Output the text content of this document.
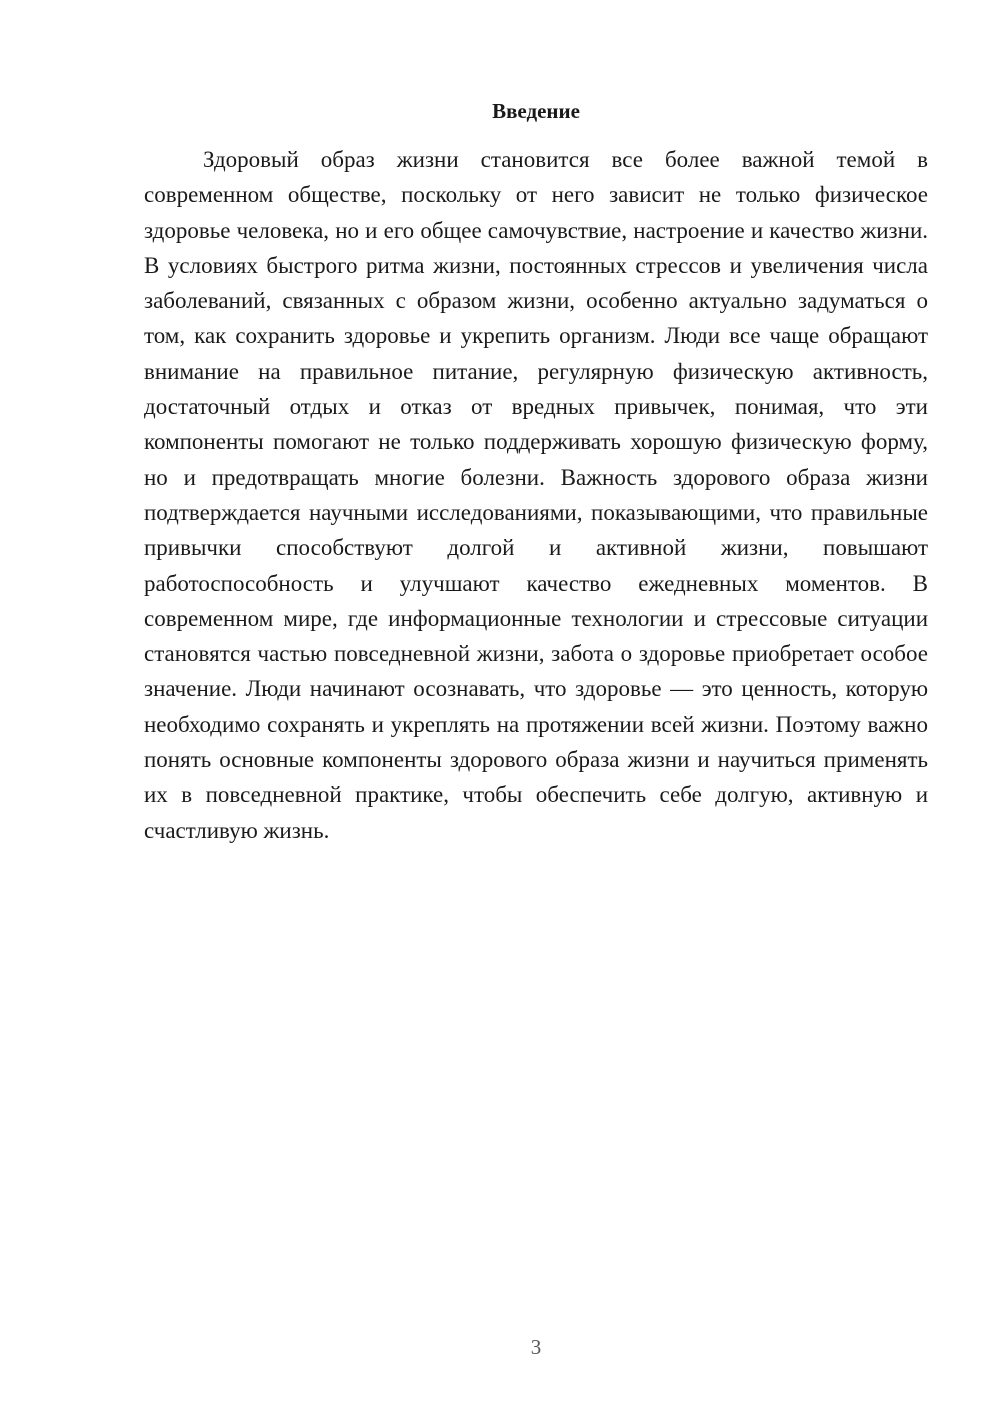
Введение

Здоровый образ жизни становится все более важной темой в современном обществе, поскольку от него зависит не только физическое здоровье человека, но и его общее самочувствие, настроение и качество жизни. В условиях быстрого ритма жизни, постоянных стрессов и увеличения числа заболеваний, связанных с образом жизни, особенно актуально задуматься о том, как сохранить здоровье и укрепить организм. Люди все чаще обращают внимание на правильное питание, регулярную физическую активность, достаточный отдых и отказ от вредных привычек, понимая, что эти компоненты помогают не только поддерживать хорошую физическую форму, но и предотвращать многие болезни. Важность здорового образа жизни подтверждается научными исследованиями, показывающими, что правильные привычки способствуют долгой и активной жизни, повышают работоспособность и улучшают качество ежедневных моментов. В современном мире, где информационные технологии и стрессовые ситуации становятся частью повседневной жизни, забота о здоровье приобретает особое значение. Люди начинают осознавать, что здоровье — это ценность, которую необходимо сохранять и укреплять на протяжении всей жизни. Поэтому важно понять основные компоненты здорового образа жизни и научиться применять их в повседневной практике, чтобы обеспечить себе долгую, активную и счастливую жизнь.

3
